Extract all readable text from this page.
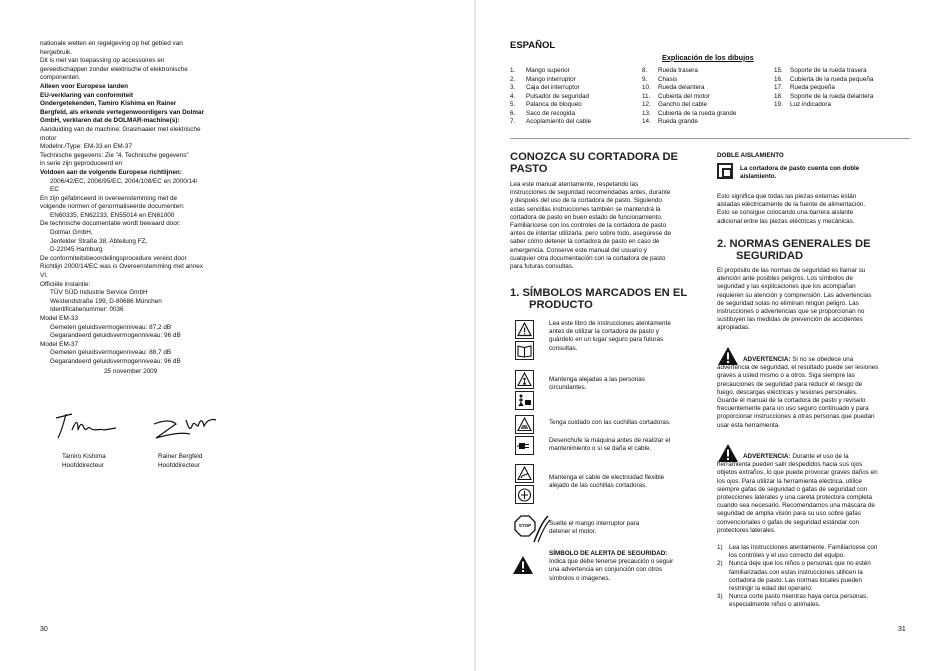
nationale wetten en regelgeving op het gebied van
hergebruik.
Dit is niet van toepassing op accessoires en
gereedschappen zonder elektrische of elektronische
componenten.
Alleen voor Europese landen
EU-verklaring van conformiteit
Ondergetekenden, Tamiro Kishima en Rainer
Bergfeld, als erkende vertegenwoordigers van Dolmar
GmbH, verklaren dat de DOLMAR-machine(s):
Aanduiding van de machine: Grasmaaier met elektrische
motor
Modelnr./Type: EM-33 en EM-37
Technische gegevens: Zie "4. Technische gegevens"
in serie zijn geproduceerd en
Voldoen aan de volgende Europese richtlijnen:
2006/42/EC, 2006/95/EC, 2004/108/EC en 2000/14/
EC
En zijn gefabriceerd in overeenstemming met de
volgende normen of genormaliseerde documenten:
EN60335, EN62233, EN55014 en EN61000
De technische documentatie wordt bewaard door:
Dolmar GmbH,
Jenfelder Straße 38, Abteilung FZ,
D-22045 Hamburg
De conformiteitsbeoordelingsprocedure vereist door
Richtlijn 2000/14/EC was is Overeenstemming met annex
VI.
Officiële instantie:
TÜV SÜD Industrie Service GmbH
Westendstraße 199, D-80686 München
Identificatienummer: 0036
Model EM-33
Gemeten geluidsvermogenniveau: 87,2 dB
Gegarandeerd geluidsvermogenniveau: 96 dB
Model EM-37
Gemeten geluidsvermogenniveau: 88,7 dB
Gegarandeerd geluidsvermogenniveau: 96 dB
25 november 2009
Tamiro Kishima
Hoofddirecteur
Rainer Bergfeld
Hoofddirecteur
30
ESPAÑOL
Explicación de los dibujos
1.	Mango superior
2.	Mango interruptor
3.	Caja del interruptor
4.	Pulsador de seguridad
5.	Palanca de bloqueo
6.	Saco de recogida
7.	Acoplamiento del cable
8.	Rueda trasera
9.	Chasis
10.	Rueda delantera
11.	Cubierta del motor
12.	Gancho del cable
13.	Cubierta de la rueda grande
14.	Rueda grande
15.	Soporte de la rueda trasera
16.	Cubierta de la rueda pequeña
17.	Rueda pequeña
18.	Soporte de la rueda delantera
19.	Luz indicadora
CONOZCA SU CORTADORA DE
PASTO
Lea este manual atentamente, respetando las
instrucciones de seguridad recomendadas antes, durante
y después del uso de la cortadora de pasto. Siguiendo
estas sencillas instrucciones también se mantendrá la
cortadora de pasto en buen estado de funcionamiento.
Familiarícese con los controles de la cortadora de pasto
antes de intentar utilizarla. pero sobre todo, asegúrese de
saber cómo detener la cortadora de pasto en caso de
emergencia. Conserve este manual del usuario y
cualquier otra documentación con la cortadora de pasto
para futuras consultas.
1. SÍMBOLOS MARCADOS EN EL
PRODUCTO
STOP
Lea este libro de instrucciones atentamente
antes de utilizar la cortadora de pasto y
guárdelo en un lugar seguro para futuras
consultas.
Mantenga alejadas a las personas
circundantes.
Tenga cuidado con las cuchillas cortadoras.
Desenchufe la máquina antes de realizar el
mantenimiento o si se daña el cable.
Mantenga el cable de electricidad flexible
alejado de las cuchillas cortadoras.
Suelte el mango interruptor para
detener el motor.
SÍMBOLO DE ALERTA DE SEGURIDAD:
Indica que debe tenerse precaución o seguir
una advertencia en conjunción con otros
símbolos o imágenes.
DOBLE AISLAMIENTO
La cortadora de pasto cuenta con doble
aislamiento.
Esto significa que todas las piezas externas están
aisladas eléctricamente de la fuente de alimentación.
Esto se consigue colocando una barrera aislante
adicional entre las piezas eléctricas y mecánicas.
2. NORMAS GENERALES DE
SEGURIDAD
El propósito de las normas de seguridad es llamar su
atención ante posibles peligros. Los símbolos de
seguridad y las explicaciones que los acompañan
requieren su atención y comprensión. Las advertencias
de seguridad solas no eliminan ningún peligro. Las
instrucciones o advertencias que se proporcionan no
sustituyen las medidas de prevención de accidentes
apropiadas.
ADVERTENCIA: Si no se obedece una
advertencia de seguridad, el resultado puede ser lesiones
graves a usted mismo o a otros. Siga siempre las
precauciones de seguridad para reducir el riesgo de
fuego, descargas eléctricas y lesiones personales.
Guarde el manual de la cortadora de pasto y revíselo
frecuentemente para un uso seguro continuado y para
proporcionar instrucciones a otras personas que puedan
usar esta herramienta.
ADVERTENCIA: Durante el uso de la
herramienta pueden salir despedidos hacia sus ojos
objetos extraños, lo que puede provocar graves daños en
los ojos. Para utilizar la herramienta eléctrica, utilice
siempre gafas de seguridad o gafas de seguridad con
protecciones laterales y una careta protectora completa
cuando sea necesario. Recomendamos una máscara de
seguridad de amplia visión para su uso sobre gafas
convencionales o gafas de seguridad estándar con
protectores laterales.
1)	Lea las instrucciones atentamente. Familiarícese con
los controles y el uso correcto del equipo.
2)	Nunca deje que los niños o personas que no estén
familiarizadas con estas instrucciones utilicen la
cortadora de pasto. Las normas locales pueden
restringir la edad del operario.
3)	Nunca corte pasto mientras haya cerca personas,
especialmente niños o animales.
31
